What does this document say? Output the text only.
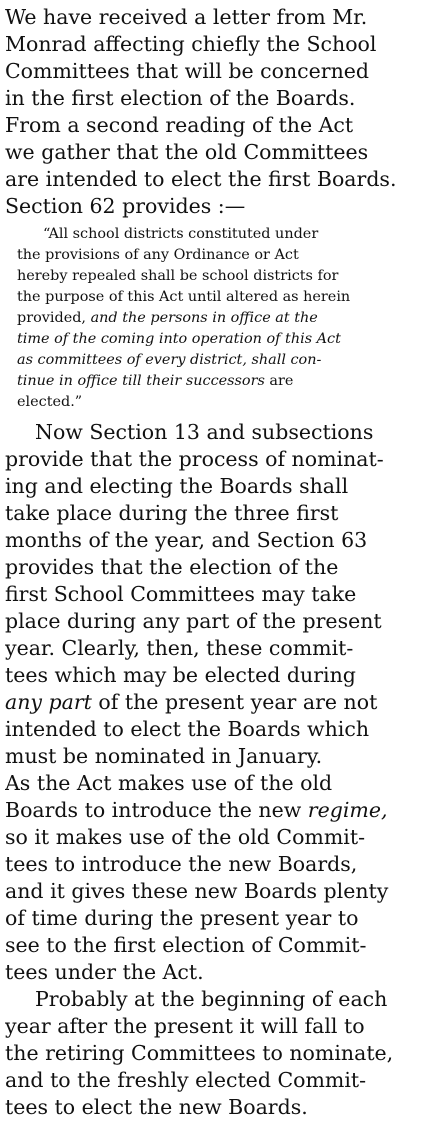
We have received a letter from Mr.
Monrad affecting chiefly the School
Committees that will be concerned
in the first election of the Boards.
From a second reading of the Act
we gather that the old Committees
are intended to elect the first Boards.
Section 62 provides :—
“All school districts constituted under
the provisions of any Ordinance or Act
hereby repealed shall be school districts for
the purpose of this Act until altered as herein
provided, and the persons in office at the
time of the coming into operation of this Act
as committees of every district, shall con-
tinue in office till their successors are
elected.”
Now Section 13 and subsections
provide that the process of nominat-
ing and electing the Boards shall
take place during the three first
months of the year, and Section 63
provides that the election of the
first School Committees may take
place during any part of the present
year. Clearly, then, these commit-
tees which may be elected during
any part of the present year are not
intended to elect the Boards which
must be nominated in January.
As the Act makes use of the old
Boards to introduce the new regime,
so it makes use of the old Commit-
tees to introduce the new Boards,
and it gives these new Boards plenty
of time during the present year to
see to the first election of Commit-
tees under the Act.
Probably at the beginning of each
year after the present it will fall to
the retiring Committees to nominate,
and to the freshly elected Commit-
tees to elect the new Boards.
